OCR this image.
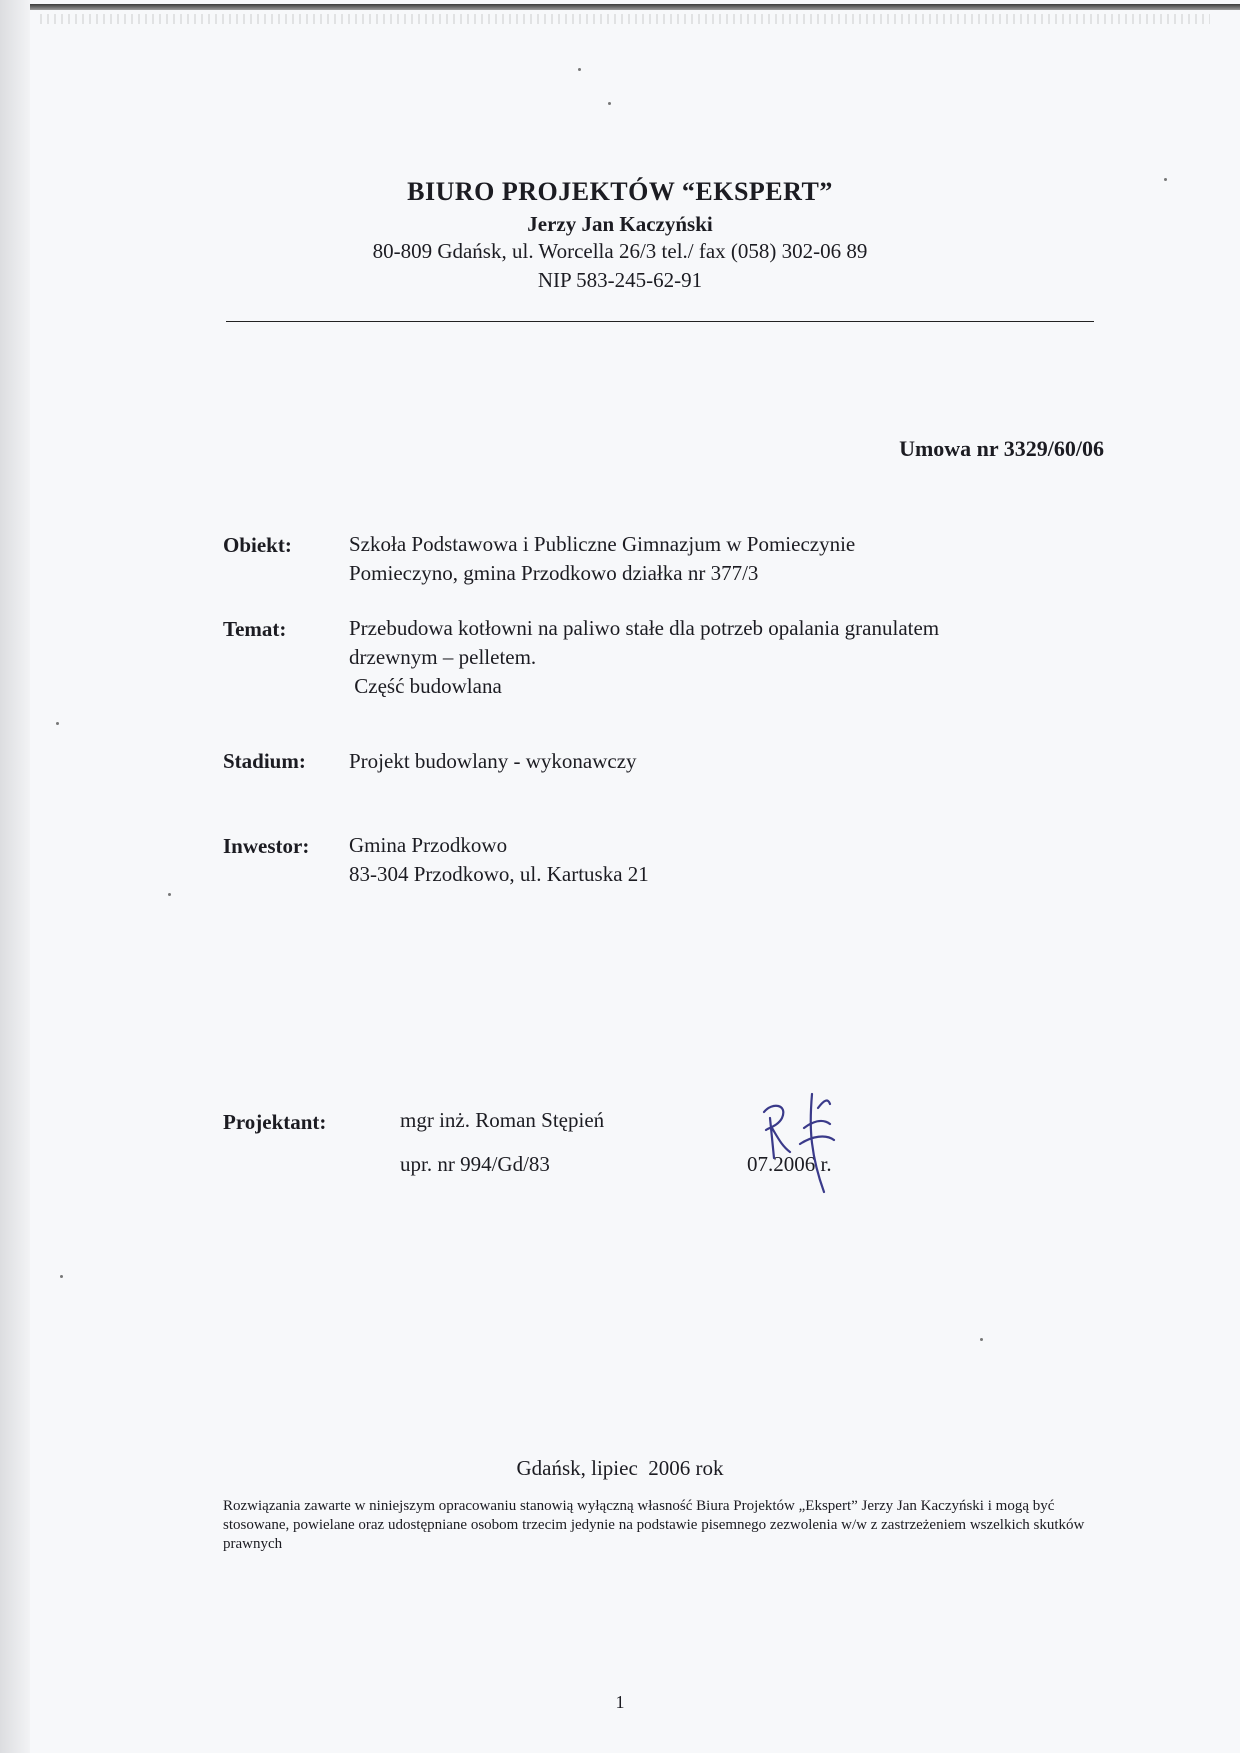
BIURO PROJEKTÓW “EKSPERT”
Jerzy Jan Kaczyński
80-809 Gdańsk, ul. Worcella 26/3 tel./ fax (058) 302-06 89
NIP 583-245-62-91
Umowa nr 3329/60/06
Obiekt:	Szkoła Podstawowa i Publiczne Gimnazjum w Pomieczynie
Pomieczyno, gmina Przodkowo działka nr 377/3
Temat:	Przebudowa kotłowni na paliwo stałe dla potrzeb opalania granulatem
drzewnym – pelletem.
Część budowlana
Stadium: Projekt budowlany - wykonawczy
Inwestor: Gmina Przodkowo
83-304 Przodkowo, ul. Kartuska 21
Projektant:	mgr inż. Roman Stępień
upr. nr 994/Gd/83	07.2006 r.
Gdańsk, lipiec  2006 rok
Rozwiązania zawarte w niniejszym opracowaniu stanowią wyłączną własność Biura Projektów „Ekspert” Jerzy Jan Kaczyński i mogą być stosowane, powielane oraz udostępniane osobom trzecim jedynie na podstawie pisemnego zezwolenia w/w z zastrzeżeniem wszelkich skutków prawnych
1
